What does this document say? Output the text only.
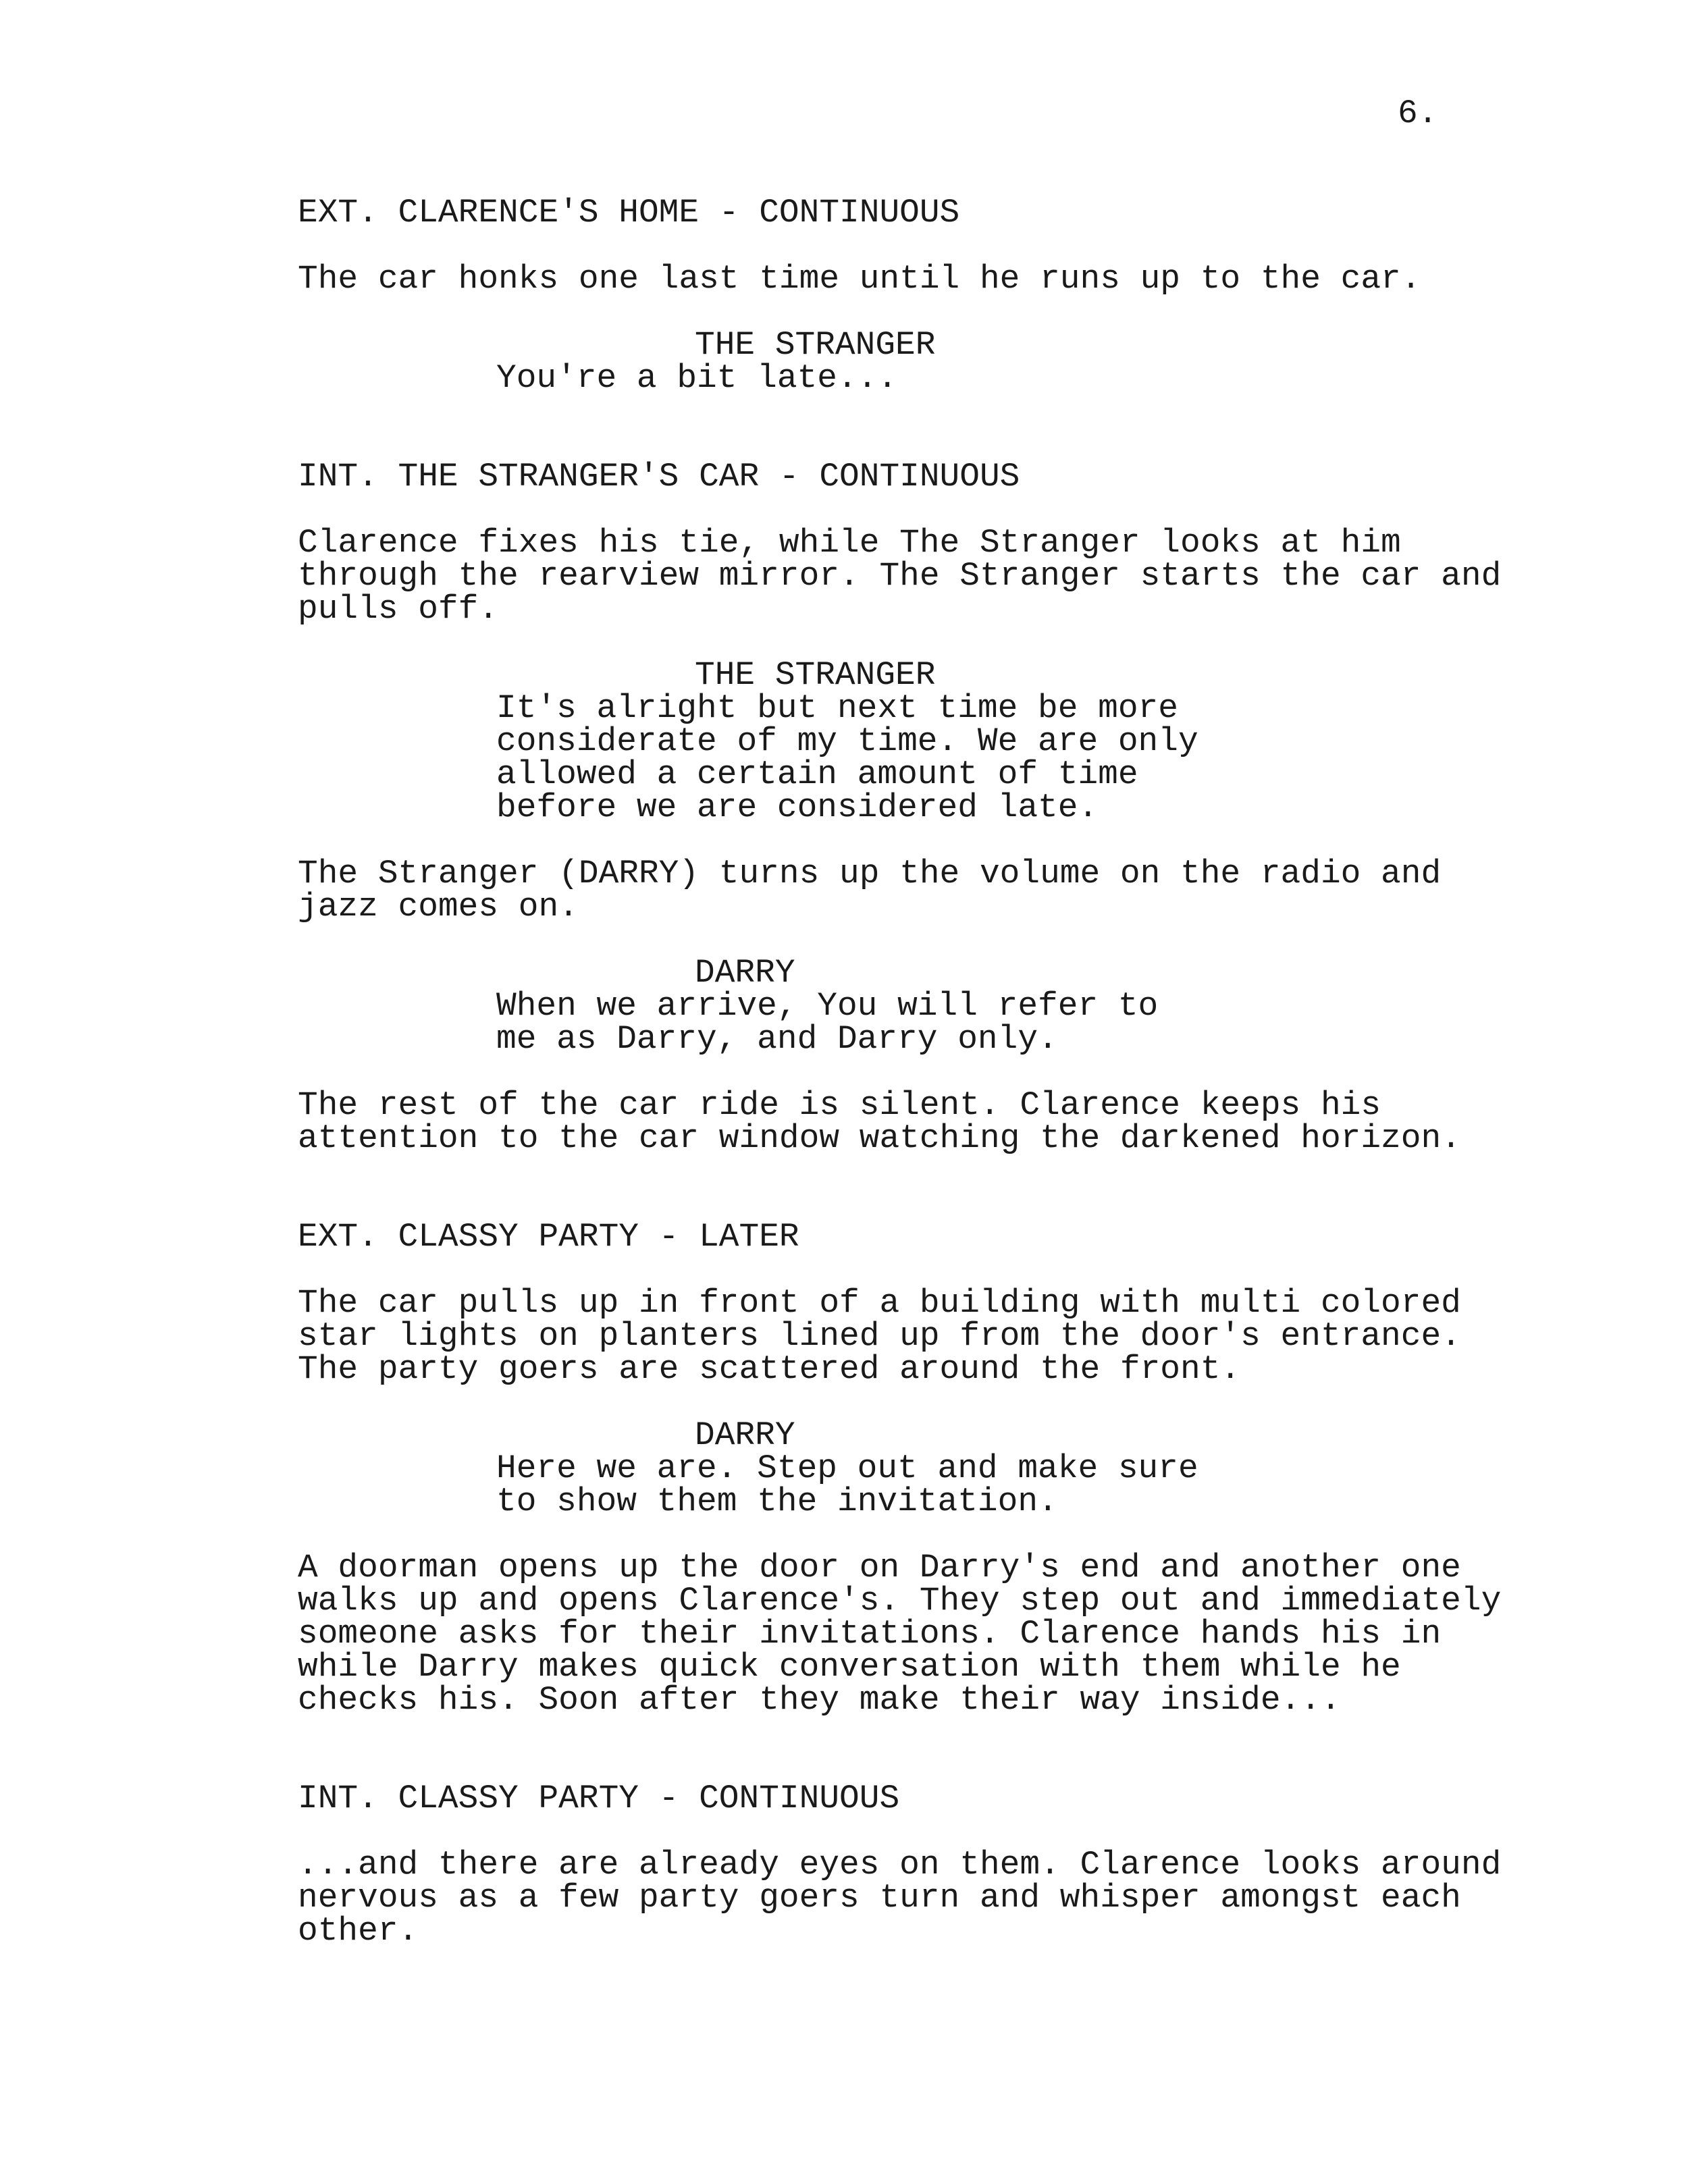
6.
EXT. CLARENCE'S HOME - CONTINUOUS
The car honks one last time until he runs up to the car.
THE STRANGER
You're a bit late...
INT. THE STRANGER'S CAR - CONTINUOUS
Clarence fixes his tie, while The Stranger looks at him
through the rearview mirror. The Stranger starts the car and
pulls off.
THE STRANGER
It's alright but next time be more
considerate of my time. We are only
allowed a certain amount of time
before we are considered late.
The Stranger (DARRY) turns up the volume on the radio and
jazz comes on.
DARRY
When we arrive, You will refer to
me as Darry, and Darry only.
The rest of the car ride is silent. Clarence keeps his
attention to the car window watching the darkened horizon.
EXT. CLASSY PARTY - LATER
The car pulls up in front of a building with multi colored
star lights on planters lined up from the door's entrance.
The party goers are scattered around the front.
DARRY
Here we are. Step out and make sure
to show them the invitation.
A doorman opens up the door on Darry's end and another one
walks up and opens Clarence's. They step out and immediately
someone asks for their invitations. Clarence hands his in
while Darry makes quick conversation with them while he
checks his. Soon after they make their way inside...
INT. CLASSY PARTY - CONTINUOUS
...and there are already eyes on them. Clarence looks around
nervous as a few party goers turn and whisper amongst each
other.
